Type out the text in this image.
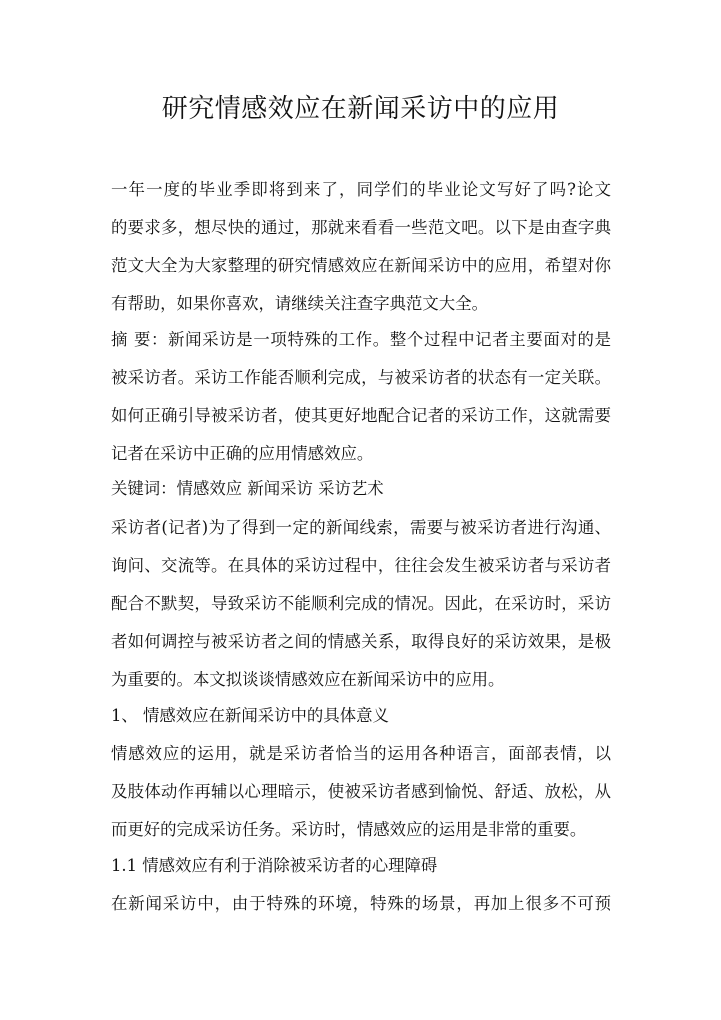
研究情感效应在新闻采访中的应用
一年一度的毕业季即将到来了，同学们的毕业论文写好了吗?论文
的要求多，想尽快的通过，那就来看看一些范文吧。以下是由查字典
范文大全为大家整理的研究情感效应在新闻采访中的应用，希望对你
有帮助，如果你喜欢，请继续关注查字典范文大全。
摘 要：新闻采访是一项特殊的工作。整个过程中记者主要面对的是
被采访者。采访工作能否顺利完成，与被采访者的状态有一定关联。
如何正确引导被采访者，使其更好地配合记者的采访工作，这就需要
记者在采访中正确的应用情感效应。
关键词：情感效应 新闻采访 采访艺术
采访者(记者)为了得到一定的新闻线索，需要与被采访者进行沟通、
询问、交流等。在具体的采访过程中，往往会发生被采访者与采访者
配合不默契，导致采访不能顺利完成的情况。因此，在采访时，采访
者如何调控与被采访者之间的情感关系，取得良好的采访效果，是极
为重要的。本文拟谈谈情感效应在新闻采访中的应用。
1、 情感效应在新闻采访中的具体意义
情感效应的运用，就是采访者恰当的运用各种语言，面部表情，以
及肢体动作再辅以心理暗示，使被采访者感到愉悦、舒适、放松，从
而更好的完成采访任务。采访时，情感效应的运用是非常的重要。
1.1 情感效应有利于消除被采访者的心理障碍
在新闻采访中，由于特殊的环境，特殊的场景，再加上很多不可预
